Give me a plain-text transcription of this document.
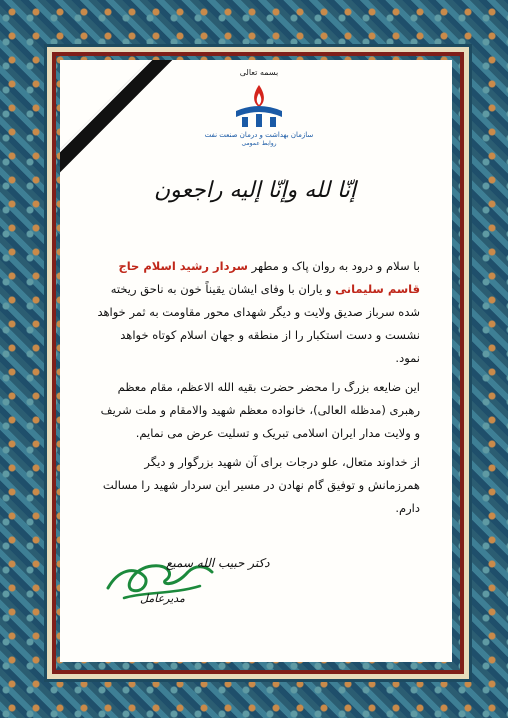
بسمه تعالی
سازمان بهداشت و درمان صنعت نفت
روابط عمومی
إنّا لله وإنّا إليه راجعون

با سلام و درود به روان پاک و مطهر سردار رشید اسلام حاج قاسم سلیمانی و یاران با وفای ایشان یقیناً خون به ناحق ریخته شده سرباز صدیق ولایت و دیگر شهدای محور مقاومت به ثمر خواهد نشست و دست استکبار را از منطقه و جهان اسلام کوتاه خواهد نمود.

این ضایعه بزرگ را محضر حضرت بقیه الله الاعظم، مقام معظم رهبری (مدظله العالی)، خانواده معظم شهید والامقام و ملت شریف و ولایت مدار ایران اسلامی تبریک و تسلیت عرض می نمایم.

از خداوند متعال، علو درجات برای آن شهید بزرگوار و دیگر همرزمانش و توفیق گام نهادن در مسیر این سردار شهید را مسالت دارم.

دکتر حبیب الله سمیع
مدیرعامل
